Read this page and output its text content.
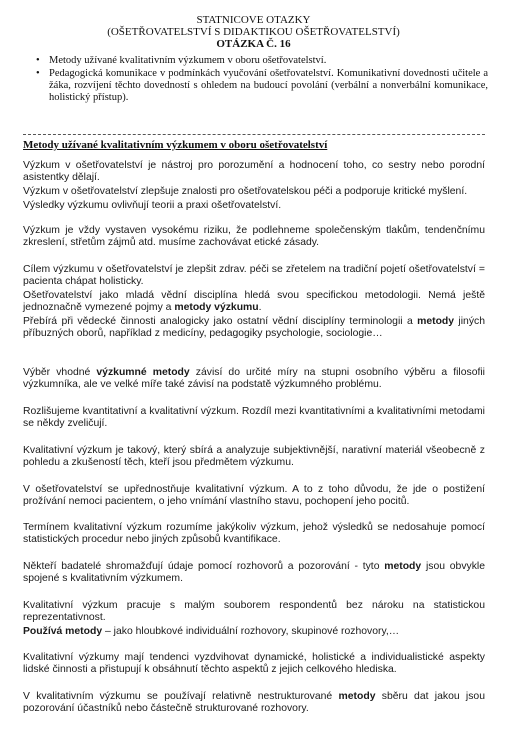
STATNICOVE OTAZKY
(OŠETŘOVATELSTVÍ S DIDAKTIKOU OŠETŘOVATELSTVÍ)
OTÁZKA Č. 16
• Metody užívané kvalitativním výzkumem v oboru ošetřovatelství.
• Pedagogická komunikace v podmínkách vyučování ošetřovatelství. Komunikativní dovednosti učitele a žáka, rozvíjení těchto dovedností s ohledem na budoucí povolání (verbální a nonverbální komunikace, holistický přístup).
Metody užívané kvalitativním výzkumem v oboru ošetřovatelství
Výzkum v ošetřovatelství je nástroj pro porozumění a hodnocení toho, co sestry nebo porodní asistentky dělají.
Výzkum v ošetřovatelství zlepšuje znalosti pro ošetřovatelskou péči a podporuje kritické myšlení.
Výsledky výzkumu ovlivňují teorii a praxi ošetřovatelství.
Výzkum je vždy vystaven vysokému riziku, že podlehneme společenským tlakům, tendenčnímu zkreslení, střetům zájmů atd. musíme zachovávat etické zásady.
Cílem výzkumu v ošetřovatelství je zlepšit zdrav. péči se zřetelem na tradiční pojetí ošetřovatelství = pacienta chápat holisticky.
Ošetřovatelství jako mladá vědní disciplína hledá svou specifickou metodologii. Nemá ještě jednoznačně vymezené pojmy a metody výzkumu.
Přebírá při vědecké činnosti analogicky jako ostatní vědní disciplíny terminologii a metody jiných příbuzných oborů, například z medicíny, pedagogiky psychologie, sociologie…
Výběr vhodné výzkumné metody závisí do určité míry na stupni osobního výběru a filosofii výzkumníka, ale ve velké míře také závisí na podstatě výzkumného problému.
Rozlišujeme kvantitativní a kvalitativní výzkum. Rozdíl mezi kvantitativními a kvalitativními metodami se někdy zveličují.
Kvalitativní výzkum je takový, který sbírá a analyzuje subjektivnější, narativní materiál všeobecně z pohledu a zkušeností těch, kteří jsou předmětem výzkumu.
V ošetřovatelství se upřednostňuje kvalitativní výzkum. A to z toho důvodu, že jde o postižení prožívání nemoci pacientem, o jeho vnímání vlastního stavu, pochopení jeho pocitů.
Termínem kvalitativní výzkum rozumíme jakýkoliv výzkum, jehož výsledků se nedosahuje pomocí statistických procedur nebo jiných způsobů kvantifikace.
Někteří badatelé shromažďují údaje pomocí rozhovorů a pozorování - tyto metody jsou obvykle spojené s kvalitativním výzkumem.
Kvalitativní výzkum pracuje s malým souborem respondentů bez nároku na statistickou reprezentativnost.
Používá metody – jako hloubkové individuální rozhovory, skupinové rozhovory,…
Kvalitativní výzkumy mají tendenci vyzdvihovat dynamické, holistické a individualistické aspekty lidské činnosti a přistupují k obsáhnutí těchto aspektů z jejich celkového hlediska.
V kvalitativním výzkumu se používají relativně nestrukturované metody sběru dat jakou jsou pozorování účastníků nebo částečně strukturované rozhovory.
